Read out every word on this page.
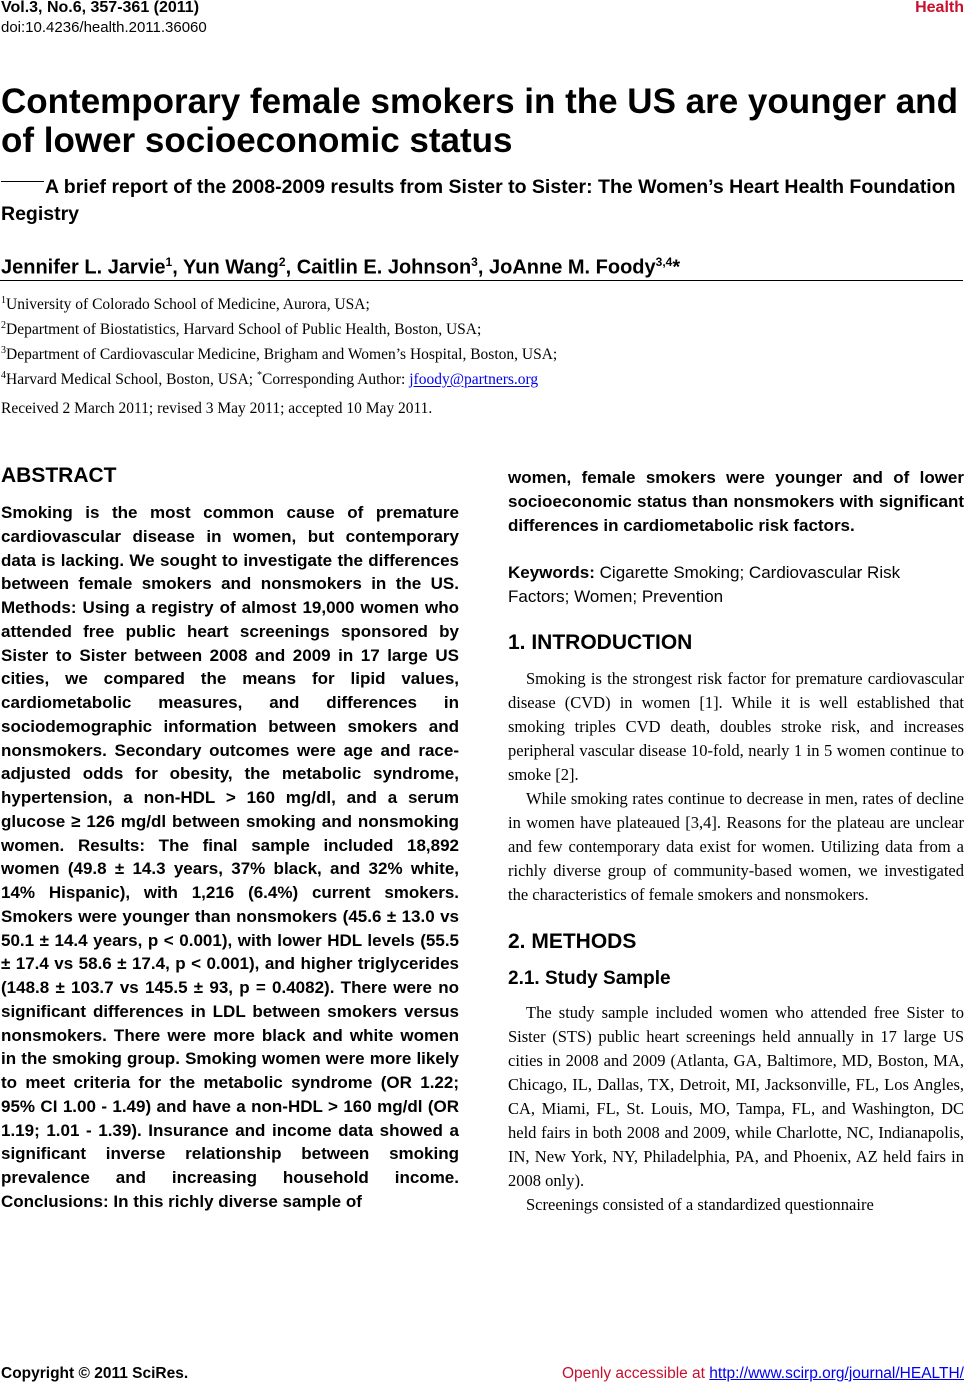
Vol.3, No.6, 357-361 (2011)
doi:10.4236/health.2011.36060
Health
Contemporary female smokers in the US are younger and of lower socioeconomic status
A brief report of the 2008-2009 results from Sister to Sister: The Women’s Heart Health Foundation Registry
Jennifer L. Jarvie$^1$, Yun Wang$^2$, Caitlin E. Johnson$^3$, JoAnne M. Foody$^{3,4}$*
$^1$University of Colorado School of Medicine, Aurora, USA;
$^2$Department of Biostatistics, Harvard School of Public Health, Boston, USA;
$^3$Department of Cardiovascular Medicine, Brigham and Women’s Hospital, Boston, USA;
$^4$Harvard Medical School, Boston, USA; *Corresponding Author: jfoody@partners.org
Received 2 March 2011; revised 3 May 2011; accepted 10 May 2011.
ABSTRACT

Smoking is the most common cause of premature cardiovascular disease in women, but contemporary data is lacking. We sought to investigate the differences between female smokers and nonsmokers in the US. Methods: Using a registry of almost 19,000 women who attended free public heart screenings sponsored by Sister to Sister between 2008 and 2009 in 17 large US cities, we compared the means for lipid values, cardiometabolic measures, and differences in sociodemographic information between smokers and nonsmokers. Secondary outcomes were age and race-adjusted odds for obesity, the metabolic syndrome, hypertension, a non-HDL > 160 mg/dl, and a serum glucose ≥ 126 mg/dl between smoking and nonsmoking women. Results: The final sample included 18,892 women (49.8 ± 14.3 years, 37% black, and 32% white, 14% Hispanic), with 1,216 (6.4%) current smokers. Smokers were younger than nonsmokers (45.6 ± 13.0 vs 50.1 ± 14.4 years, p < 0.001), with lower HDL levels (55.5 ± 17.4 vs 58.6 ± 17.4, p < 0.001), and higher triglycerides (148.8 ± 103.7 vs 145.5 ± 93, p = 0.4082). There were no significant differences in LDL between smokers versus nonsmokers. There were more black and white women in the smoking group. Smoking women were more likely to meet criteria for the metabolic syndrome (OR 1.22; 95% CI 1.00 - 1.49) and have a non-HDL > 160 mg/dl (OR 1.19; 1.01 - 1.39). Insurance and income data showed a significant inverse relationship between smoking prevalence and increasing household income. Conclusions: In this richly diverse sample of

women, female smokers were younger and of lower socioeconomic status than nonsmokers with significant differences in cardiometabolic risk factors.

Keywords: Cigarette Smoking; Cardiovascular Risk Factors; Women; Prevention

1. INTRODUCTION

Smoking is the strongest risk factor for premature cardiovascular disease (CVD) in women [1]. While it is well established that smoking triples CVD death, doubles stroke risk, and increases peripheral vascular disease 10-fold, nearly 1 in 5 women continue to smoke [2].

While smoking rates continue to decrease in men, rates of decline in women have plateaued [3,4]. Reasons for the plateau are unclear and few contemporary data exist for women. Utilizing data from a richly diverse group of community-based women, we investigated the characteristics of female smokers and nonsmokers.

2. METHODS
2.1. Study Sample

The study sample included women who attended free Sister to Sister (STS) public heart screenings held annually in 17 large US cities in 2008 and 2009 (Atlanta, GA, Baltimore, MD, Boston, MA, Chicago, IL, Dallas, TX, Detroit, MI, Jacksonville, FL, Los Angles, CA, Miami, FL, St. Louis, MO, Tampa, FL, and Washington, DC held fairs in both 2008 and 2009, while Charlotte, NC, Indianapolis, IN, New York, NY, Philadelphia, PA, and Phoenix, AZ held fairs in 2008 only).

Screenings consisted of a standardized questionnaire

Copyright © 2011 SciRes.	Openly accessible at http://www.scirp.org/journal/HEALTH/
